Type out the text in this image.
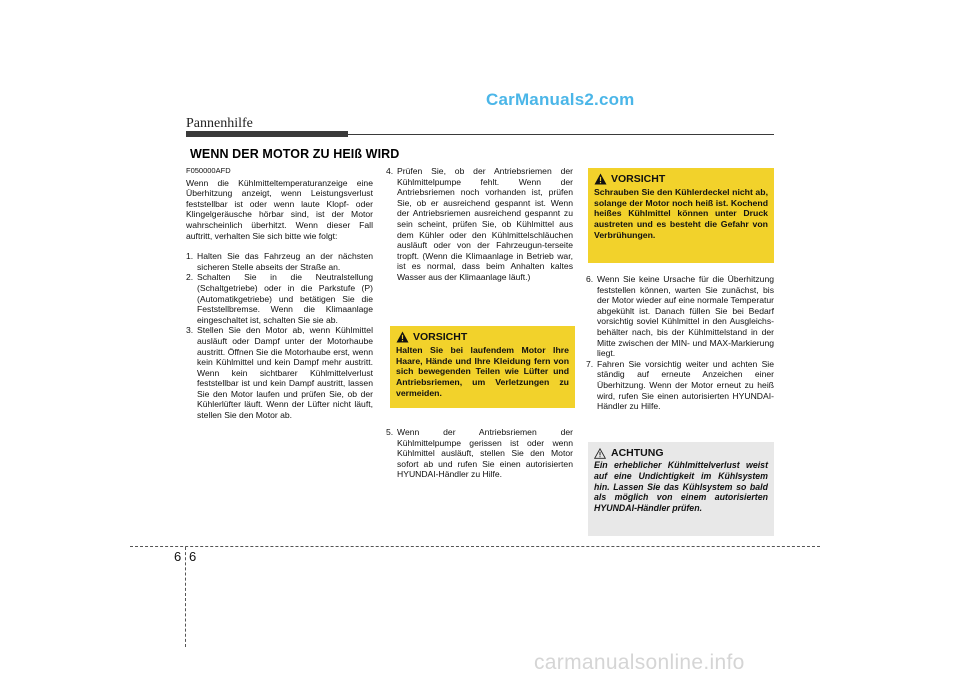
CarManuals2.com
Pannenhilfe
WENN DER MOTOR ZU HEIß WIRD

F050000AFD

Wenn die Kühlmitteltemperaturanzeige eine Überhitzung anzeigt, wenn Leistungsverlust feststellbar ist oder wenn laute Klopf- oder Klingelgeräusche hörbar sind, ist der Motor wahrscheinlich überhitzt. Wenn dieser Fall auftritt, verhalten Sie sich bitte wie folgt:

1. Halten Sie das Fahrzeug an der nächsten sicheren Stelle abseits der Straße an.
2. Schalten Sie in die Neutralstellung (Schaltgetriebe) oder in die Parkstufe (P) (Automatikgetriebe) und betätigen Sie die Feststellbremse. Wenn die Klimaanlage eingeschaltet ist, schalten Sie sie ab.
3. Stellen Sie den Motor ab, wenn Kühlmittel ausläuft oder Dampf unter der Motorhaube austritt. Öffnen Sie die Motorhaube erst, wenn kein Kühlmittel und kein Dampf mehr austritt. Wenn kein sichtbarer Kühlmittelverlust feststellbar ist und kein Dampf austritt, lassen Sie den Motor laufen und prüfen Sie, ob der Kühlerlüfter läuft. Wenn der Lüfter nicht läuft, stellen Sie den Motor ab.
4. Prüfen Sie, ob der Antriebsriemen der Kühlmittelpumpe fehlt. Wenn der Antriebsriemen noch vorhanden ist, prüfen Sie, ob er ausreichend gespannt ist. Wenn der Antriebsriemen ausreichend gespannt zu sein scheint, prüfen Sie, ob Kühlmittel aus dem Kühler oder den Kühlmittelschläuchen ausläuft oder von der Fahrzeugun-terseite tropft. (Wenn die Klimaanlage in Betrieb war, ist es normal, dass beim Anhalten kaltes Wasser aus der Klimaanlage läuft.)
VORSICHT
Halten Sie bei laufendem Motor Ihre Haare, Hände und Ihre Kleidung fern von sich bewegenden Teilen wie Lüfter und Antriebsriemen, um Verletzungen zu vermeiden.
5. Wenn der Antriebsriemen der Kühlmittelpumpe gerissen ist oder wenn Kühlmittel ausläuft, stellen Sie den Motor sofort ab und rufen Sie einen autorisierten HYUNDAI-Händler zu Hilfe.
VORSICHT
Schrauben Sie den Kühlerdeckel nicht ab, solange der Motor noch heiß ist. Kochend heißes Kühlmittel können unter Druck austreten und es besteht die Gefahr von Verbrühungen.
6. Wenn Sie keine Ursache für die Überhitzung feststellen können, warten Sie zunächst, bis der Motor wieder auf eine normale Temperatur abgekühlt ist. Danach füllen Sie bei Bedarf vorsichtig soviel Kühlmittel in den Ausgleichs-behälter nach, bis der Kühlmittelstand in der Mitte zwischen der MIN- und MAX-Markierung liegt.
7. Fahren Sie vorsichtig weiter und achten Sie ständig auf erneute Anzeichen einer Überhitzung. Wenn der Motor erneut zu heiß wird, rufen Sie einen autorisierten HYUNDAI-Händler zu Hilfe.
ACHTUNG
Ein erheblicher Kühlmittelverlust weist auf eine Undichtigkeit im Kühlsystem hin. Lassen Sie das Kühlsystem so bald als möglich von einem autorisierten HYUNDAI-Händler prüfen.
6 6
carmanualsonline.info
